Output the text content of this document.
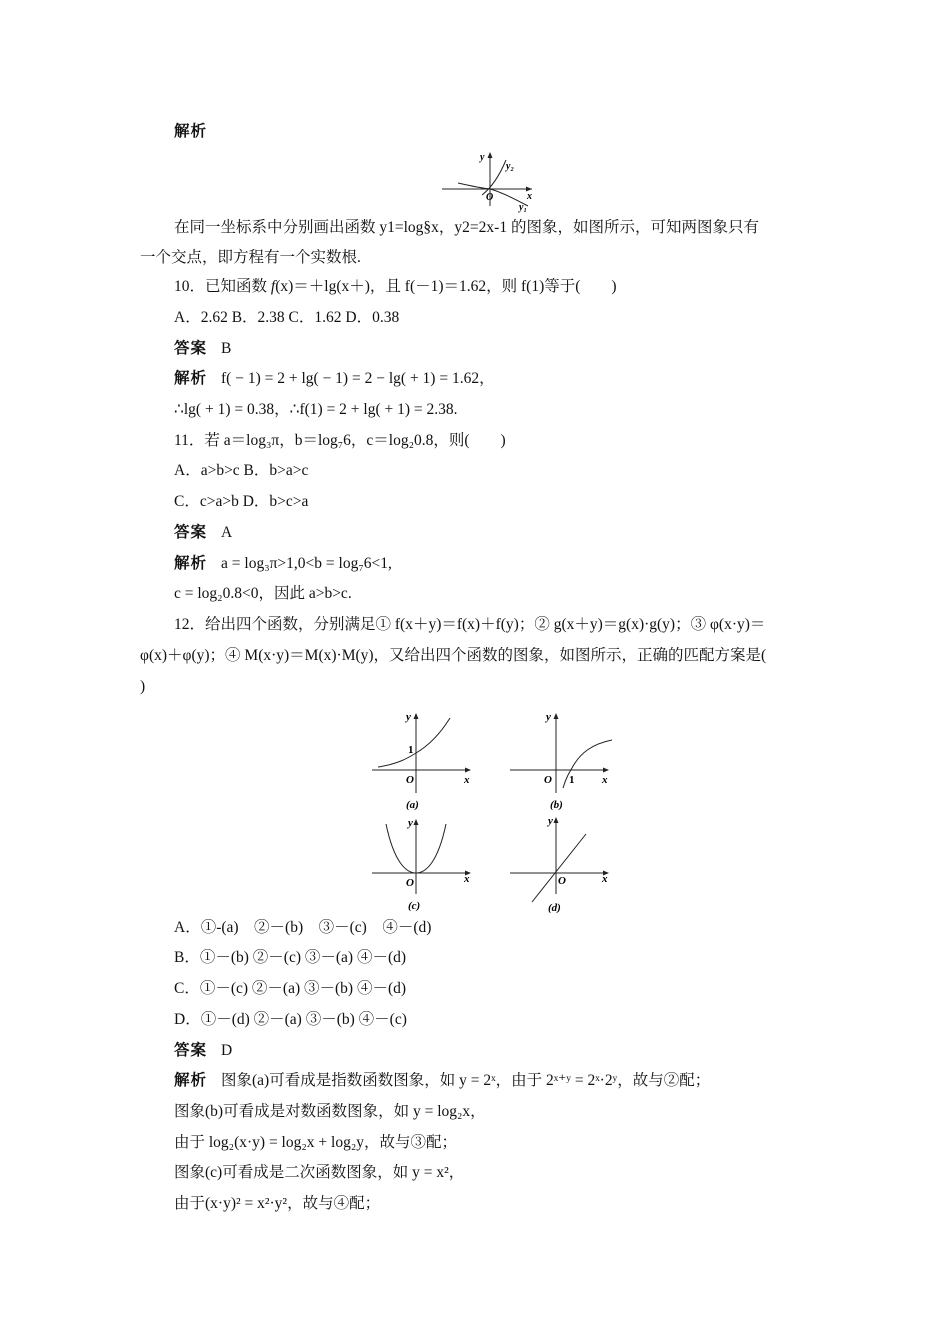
解析
y
y₂
x
O
y₁
在同一坐标系中分别画出函数 y1=log§x，y2=2x-1 的图象，如图所示，可知两图象只有
一个交点，即方程有一个实数根.
10．已知函数 f(x)＝＋lg(x＋)，且 f(－1)＝1.62，则 f(1)等于(　　)
A．2.62 B．2.38 C．1.62 D．0.38
答案 B
解析 f( − 1) = 2 + lg( − 1) = 2 − lg( + 1) = 1.62，
∴lg( + 1) = 0.38，∴f(1) = 2 + lg( + 1) = 2.38.
11．若 a＝log₃π，b＝log₇6，c＝log₂0.8，则(　　)
A．a>b>c B．b>a>c
C．c>a>b D．b>c>a
答案 A
解析 a = log₃π>1,0<b = log₇6<1,
c = log₂0.8<0，因此 a>b>c.
12．给出四个函数，分别满足① f(x＋y)＝f(x)＋f(y)；② g(x＋y)＝g(x)·g(y)；③ φ(x·y)＝
φ(x)＋φ(y)；④ M(x·y)＝M(x)·M(y)，又给出四个函数的图象，如图所示，正确的匹配方案是(
)
y
1
O	x
(a)
y
O 1	x
(b)
y
O	x
(c)
y
O	x
(d)
A．①-(a)　②－(b)　③－(c)　④－(d)
B．①－(b) ②－(c) ③－(a) ④－(d)
C．①－(c) ②－(a) ③－(b) ④－(d)
D．①－(d) ②－(a) ③－(b) ④－(c)
答案 D
解析 图象(a)可看成是指数函数图象，如 y = 2ˣ，由于 2ˣ⁺ʸ = 2ˣ·2ʸ，故与②配；
图象(b)可看成是对数函数图象，如 y = log₂x，
由于 log₂(x·y) = log₂x + log₂y，故与③配；
图象(c)可看成是二次函数图象，如 y = x²，
由于(x·y)² = x²·y²，故与④配；
